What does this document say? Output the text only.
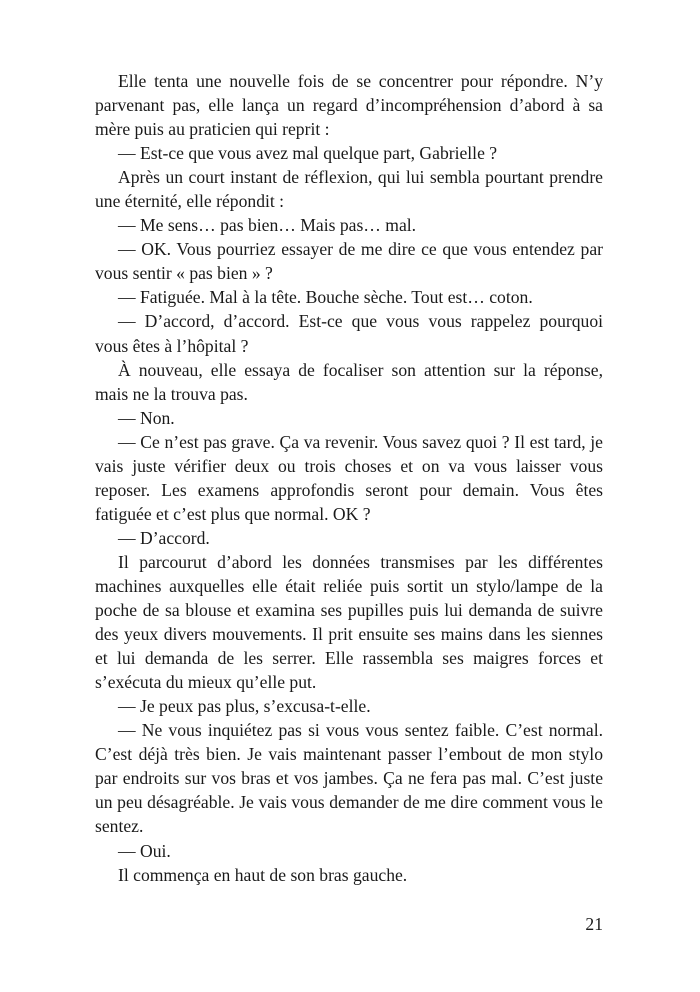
Elle tenta une nouvelle fois de se concentrer pour répondre. N’y parvenant pas, elle lança un regard d’incompréhension d’abord à sa mère puis au praticien qui reprit :

— Est-ce que vous avez mal quelque part, Gabrielle ?

Après un court instant de réflexion, qui lui sembla pourtant prendre une éternité, elle répondit :

— Me sens… pas bien… Mais pas… mal.

— OK. Vous pourriez essayer de me dire ce que vous entendez par vous sentir « pas bien » ?

— Fatiguée. Mal à la tête. Bouche sèche. Tout est… coton.

— D’accord, d’accord. Est-ce que vous vous rappelez pourquoi vous êtes à l’hôpital ?

À nouveau, elle essaya de focaliser son attention sur la réponse, mais ne la trouva pas.

— Non.

— Ce n’est pas grave. Ça va revenir. Vous savez quoi ? Il est tard, je vais juste vérifier deux ou trois choses et on va vous laisser vous reposer. Les examens approfondis seront pour demain. Vous êtes fatiguée et c’est plus que normal. OK ?

— D’accord.

Il parcourut d’abord les données transmises par les différentes machines auxquelles elle était reliée puis sortit un stylo/lampe de la poche de sa blouse et examina ses pupilles puis lui demanda de suivre des yeux divers mouvements. Il prit ensuite ses mains dans les siennes et lui demanda de les serrer. Elle rassembla ses maigres forces et s’exécuta du mieux qu’elle put.

— Je peux pas plus, s’excusa-t-elle.

— Ne vous inquiétez pas si vous vous sentez faible. C’est normal. C’est déjà très bien. Je vais maintenant passer l’embout de mon stylo par endroits sur vos bras et vos jambes. Ça ne fera pas mal. C’est juste un peu désagréable. Je vais vous demander de me dire comment vous le sentez.

— Oui.

Il commença en haut de son bras gauche.

21
